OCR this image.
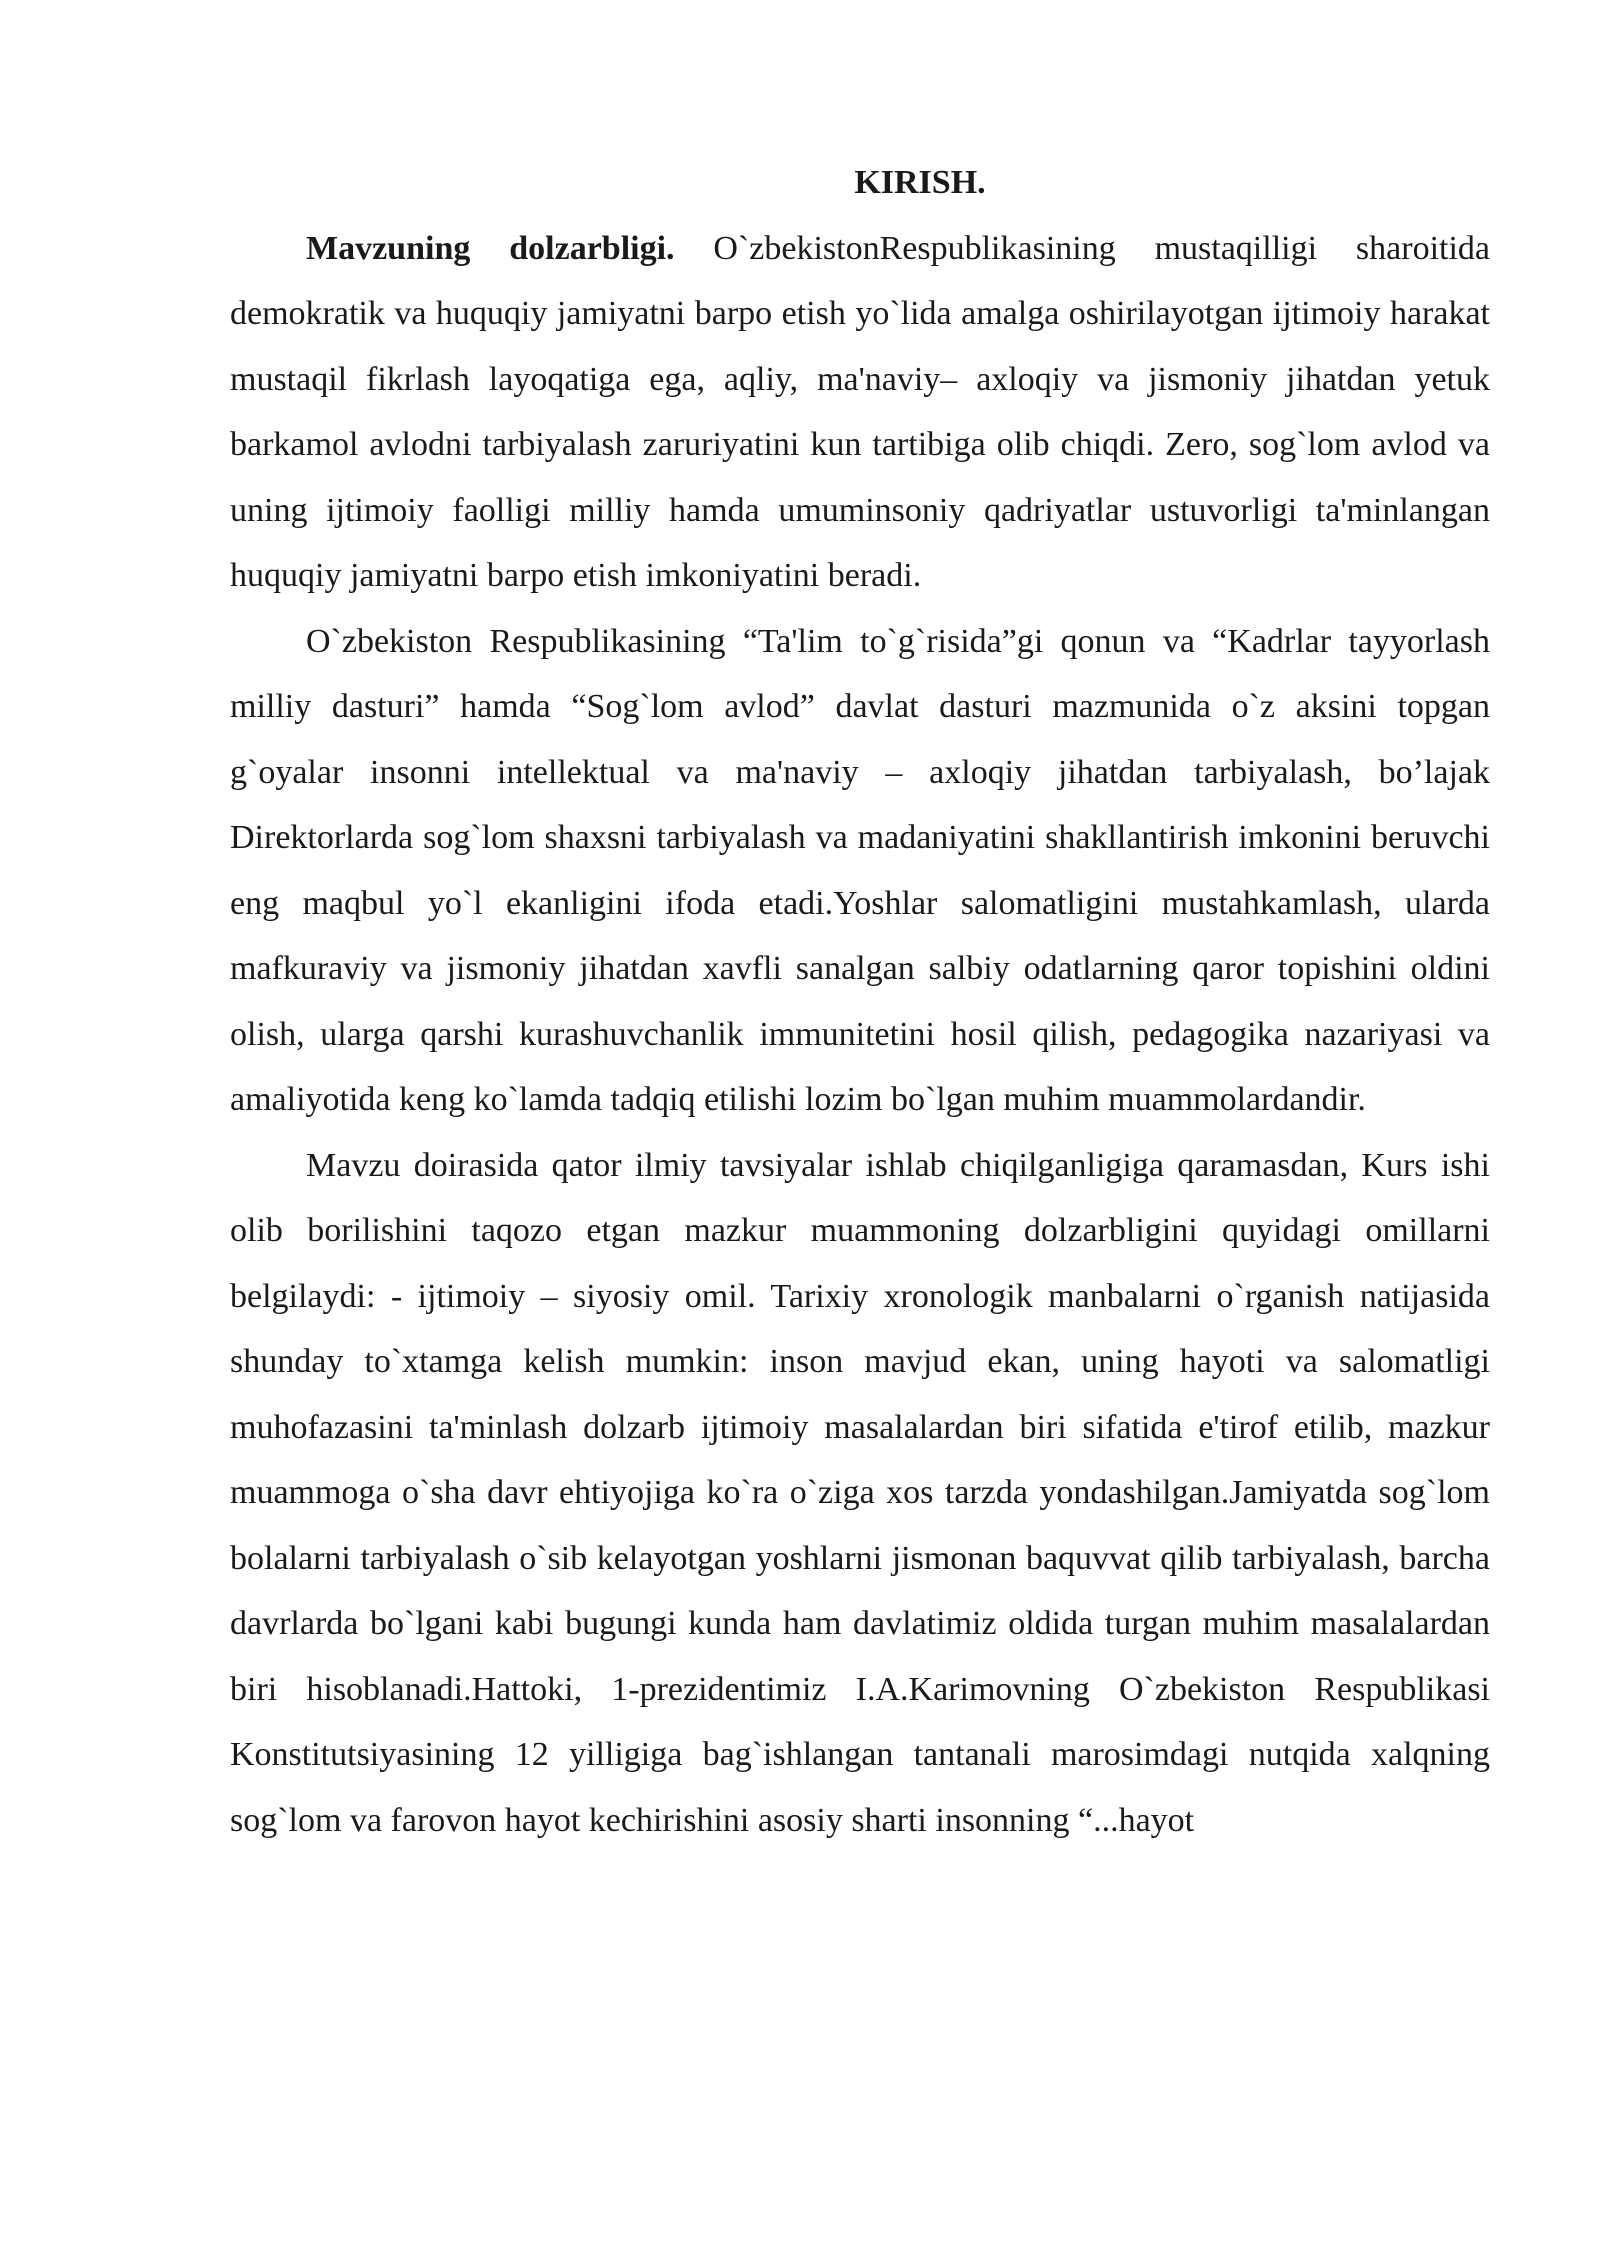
KIRISH.

Mavzuning dolzarbligi. O`zbekistonRespublikasining mustaqilligi sharoitida demokratik va huquqiy jamiyatni barpo etish yo`lida amalga oshirilayotgan ijtimoiy harakat mustaqil fikrlash layoqatiga ega, aqliy, ma'naviy– axloqiy va jismoniy jihatdan yetuk barkamol avlodni tarbiyalash zaruriyatini kun tartibiga olib chiqdi. Zero, sog`lom avlod va uning ijtimoiy faolligi milliy hamda umuminsoniy qadriyatlar ustuvorligi ta'minlangan huquqiy jamiyatni barpo etish imkoniyatini beradi.

O`zbekiston Respublikasining “Ta'lim to`g`risida”gi qonun va “Kadrlar tayyorlash milliy dasturi” hamda “Sog`lom avlod” davlat dasturi mazmunida o`z aksini topgan g`oyalar insonni intellektual va ma'naviy – axloqiy jihatdan tarbiyalash, bo’lajak Direktorlarda sog`lom shaxsni tarbiyalash va madaniyatini shakllantirish imkonini beruvchi eng maqbul yo`l ekanligini ifoda etadi.Yoshlar salomatligini mustahkamlash, ularda mafkuraviy va jismoniy jihatdan xavfli sanalgan salbiy odatlarning qaror topishini oldini olish, ularga qarshi kurashuvchanlik immunitetini hosil qilish, pedagogika nazariyasi va amaliyotida keng ko`lamda tadqiq etilishi lozim bo`lgan muhim muammolardandir.

Mavzu doirasida qator ilmiy tavsiyalar ishlab chiqilganligiga qaramasdan, Kurs ishi olib borilishini taqozo etgan mazkur muammoning dolzarbligini quyidagi omillarni belgilaydi: - ijtimoiy – siyosiy omil. Tarixiy xronologik manbalarni o`rganish natijasida shunday to`xtamga kelish mumkin: inson mavjud ekan, uning hayoti va salomatligi muhofazasini ta'minlash dolzarb ijtimoiy masalalardan biri sifatida e'tirof etilib, mazkur muammoga o`sha davr ehtiyojiga ko`ra o`ziga xos tarzda yondashilgan.Jamiyatda sog`lom bolalarni tarbiyalash o`sib kelayotgan yoshlarni jismonan baquvvat qilib tarbiyalash, barcha davrlarda bo`lgani kabi bugungi kunda ham davlatimiz oldida turgan muhim masalalardan biri hisoblanadi.Hattoki, 1-prezidentimiz I.A.Karimovning O`zbekiston Respublikasi Konstitutsiyasining 12 yilligiga bag`ishlangan tantanali marosimdagi nutqida xalqning sog`lom va farovon hayot kechirishini asosiy sharti insonning “...hayot
